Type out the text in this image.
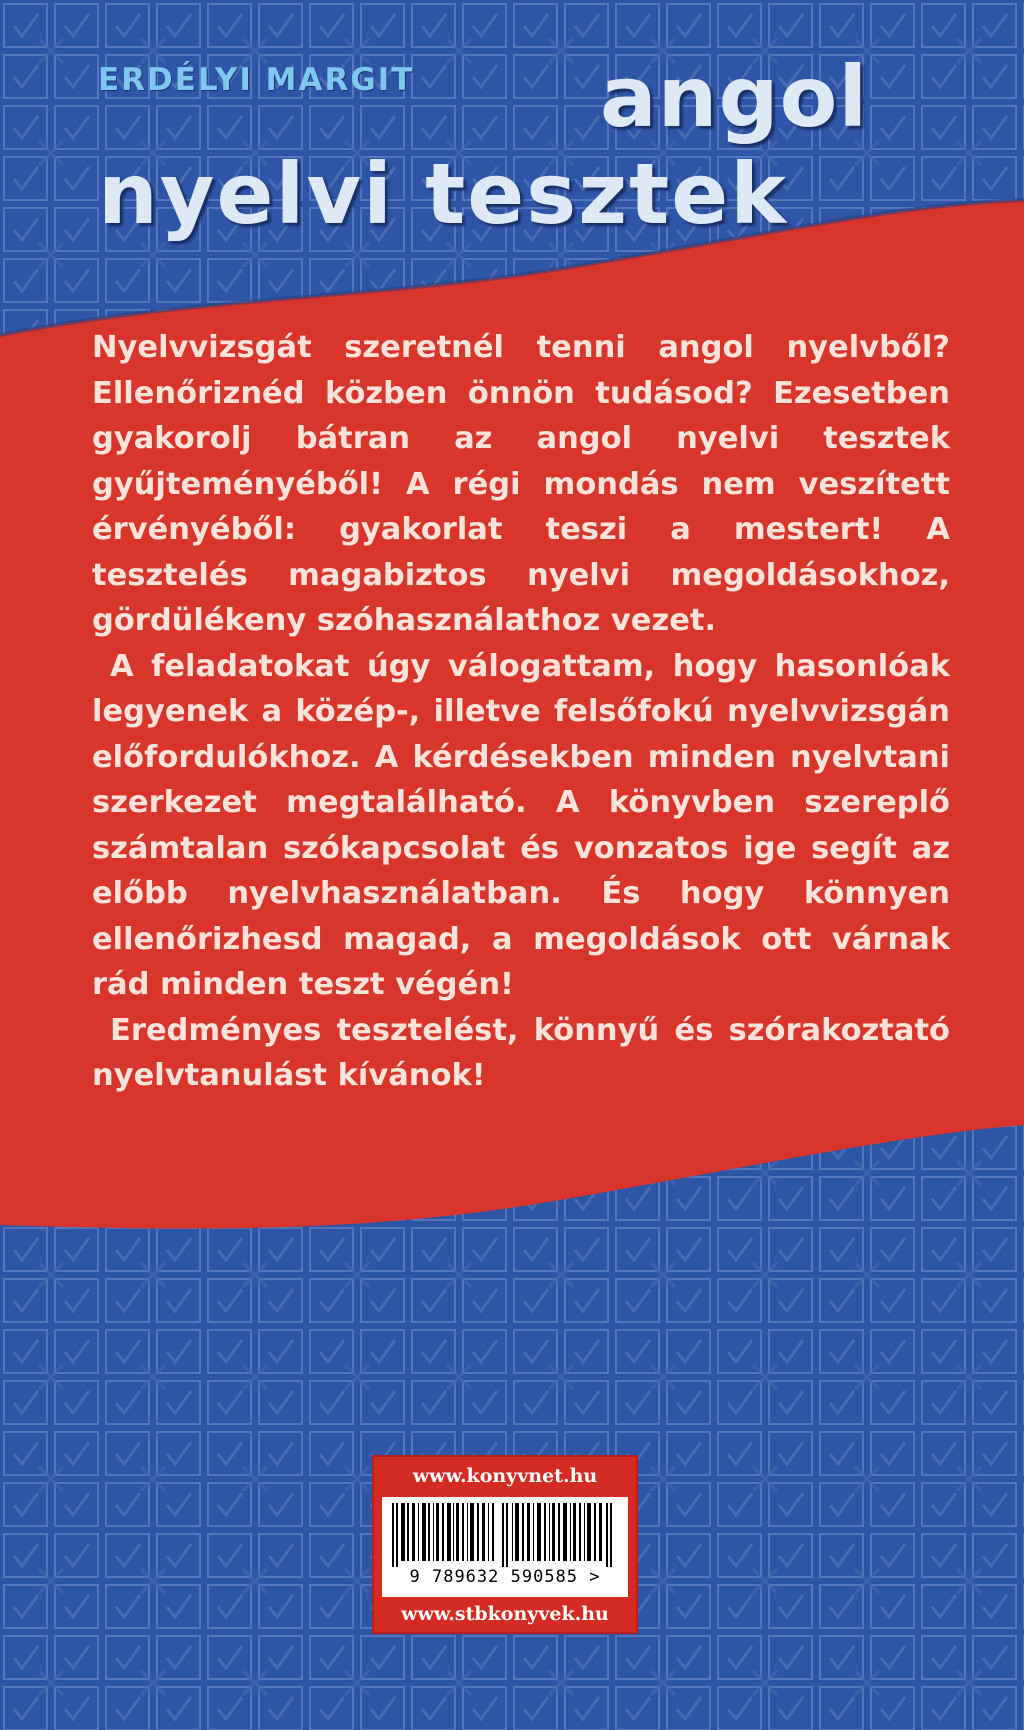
ERDÉLYI MARGIT angol
nyelvi tesztek

Nyelvvizsgát szeretnél tenni angol nyelvből? Ellenőriznéd közben önnön tudásod? Ezesetben gyakorolj bátran az angol nyelvi tesztek gyűjteményéből! A régi mondás nem veszített érvényéből: gyakorlat teszi a mestert! A tesztelés magabiztos nyelvi megoldásokhoz, gördülékeny szóhasználathoz vezet.

A feladatokat úgy válogattam, hogy hasonlóak legyenek a közép-, illetve felsőfokú nyelvvizsgán előfordulókhoz. A kérdésekben minden nyelvtani szerkezet megtalálható. A könyvben szereplő számtalan szókapcsolat és vonzatos ige segít az előbb nyelvhasználatban. És hogy könnyen ellenőrizhesd magad, a megoldások ott várnak rád minden teszt végén!

Eredményes tesztelést, könnyű és szórakoztató nyelvtanulást kívánok!

www.konyvnet.hu
9 789632 590585 >
www.stbkonyvek.hu
